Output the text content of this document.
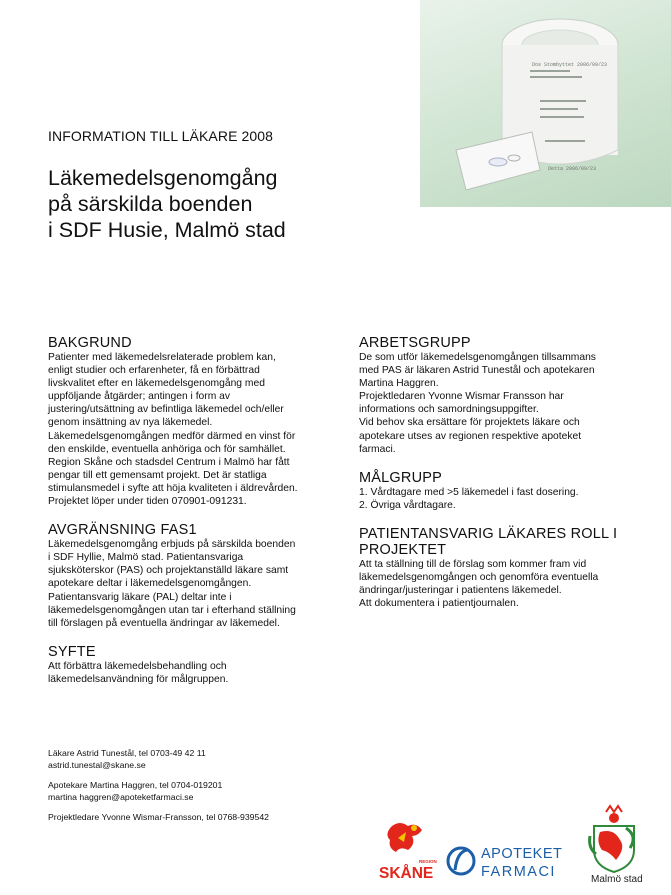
Dos Stombyttet 2006/09/23
Detta 2006/09/23
INFORMATION TILL LÄKARE 2008
Läkemedelsgenomgång
på särskilda boenden
i SDF Husie, Malmö stad
BAKGRUND

Patienter med läkemedelsrelaterade problem kan,

enligt studier och erfarenheter, få en förbättrad

livskvalitet efter en läkemedelsgenomgång med

uppföljande åtgärder; antingen i form av

justering/utsättning av befintliga läkemedel och/eller

genom insättning av nya läkemedel.

Läkemedelsgenomgången medför därmed en vinst för

den enskilde, eventuella anhöriga och för samhället.

Region Skåne och stadsdel Centrum i Malmö har fått

pengar till ett gemensamt projekt. Det är statliga

stimulansmedel i syfte att höja kvaliteten i äldrevården.

Projektet löper under tiden 070901-091231.

AVGRÄNSNING FAS1

Läkemedelsgenomgång erbjuds på särskilda boenden

i SDF Hyllie, Malmö stad. Patientansvariga

sjuksköterskor (PAS) och projektanställd läkare samt

apotekare deltar i läkemedelsgenomgången.

Patientansvarig läkare (PAL) deltar inte i

läkemedelsgenomgången utan tar i efterhand ställning

till förslagen på eventuella ändringar av läkemedel.

SYFTE

Att förbättra läkemedelsbehandling och

läkemedelsanvändning för målgruppen.

ARBETSGRUPP

De som utför läkemedelsgenomgången tillsammans

med PAS är läkaren Astrid Tunestål och apotekaren

Martina Haggren.

Projektledaren Yvonne Wismar Fransson har

informations och samordningsuppgifter.

Vid behov ska ersättare för projektets läkare och

apotekare utses av regionen respektive apoteket

farmaci.

MÅLGRUPP

1. Vårdtagare med >5 läkemedel i fast dosering.

2. Övriga vårdtagare.

PATIENTANSVARIG LÄKARES ROLL I
PROJEKTET

Att ta ställning till de förslag som kommer fram vid

läkemedelsgenomgången och genomföra eventuella

ändringar/justeringar i patientens läkemedel.

Att dokumentera i patientjournalen.

Läkare Astrid Tunestål, tel 0703-49 42 11
astrid.tunestal@skane.se
Apotekare Martina Haggren, tel 0704-019201
martina haggren@apoteketfarmaci.se
Projektledare Yvonne Wismar-Fransson, tel 0768-939542
REGION
SKÅNE
APOTEKET
FARMACI	Malmö stad
